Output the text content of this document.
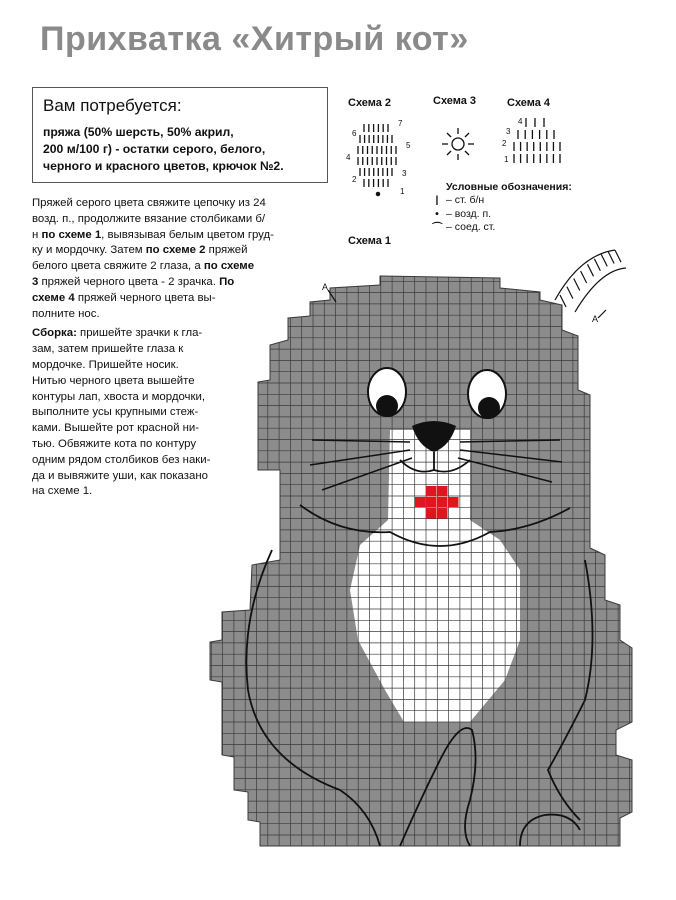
Прихватка «Хитрый кот»
Вам потребуется:
пряжа (50% шерсть, 50% акрил,
200 м/100 г) - остатки серого, белого,
черного и красного цветов, крючок №2.
Пряжей серого цвета свяжите цепочку из 24
возд. п., продолжите вязание столбиками б/
н по схеме 1, вывязывая белым цветом груд-
ку и мордочку. Затем по схеме 2 пряжей
белого цвета свяжите 2 глаза, а по схеме
3 пряжей черного цвета - 2 зрачка. По
схеме 4 пряжей черного цвета вы-
полните нос.
Сборка: пришейте зрачки к гла-
зам, затем пришейте глаза к
мордочке. Пришейте носик.
Нитью черного цвета вышейте
контуры лап, хвоста и мордочки,
выполните усы крупными стеж-
ками. Вышейте рот красной ни-
тью. Обвяжите кота по контуру
одним рядом столбиков без наки-
да и вывяжите уши, как показано
на схеме 1.
Схема 2	Схема 3	Схема 4
Схема 1
6
7
4
5
2
3
1
4
3
2
1
Условные обозначения:
| – ст. б/н
• – возд. п.
⌒ – соед. ст.
A
A
